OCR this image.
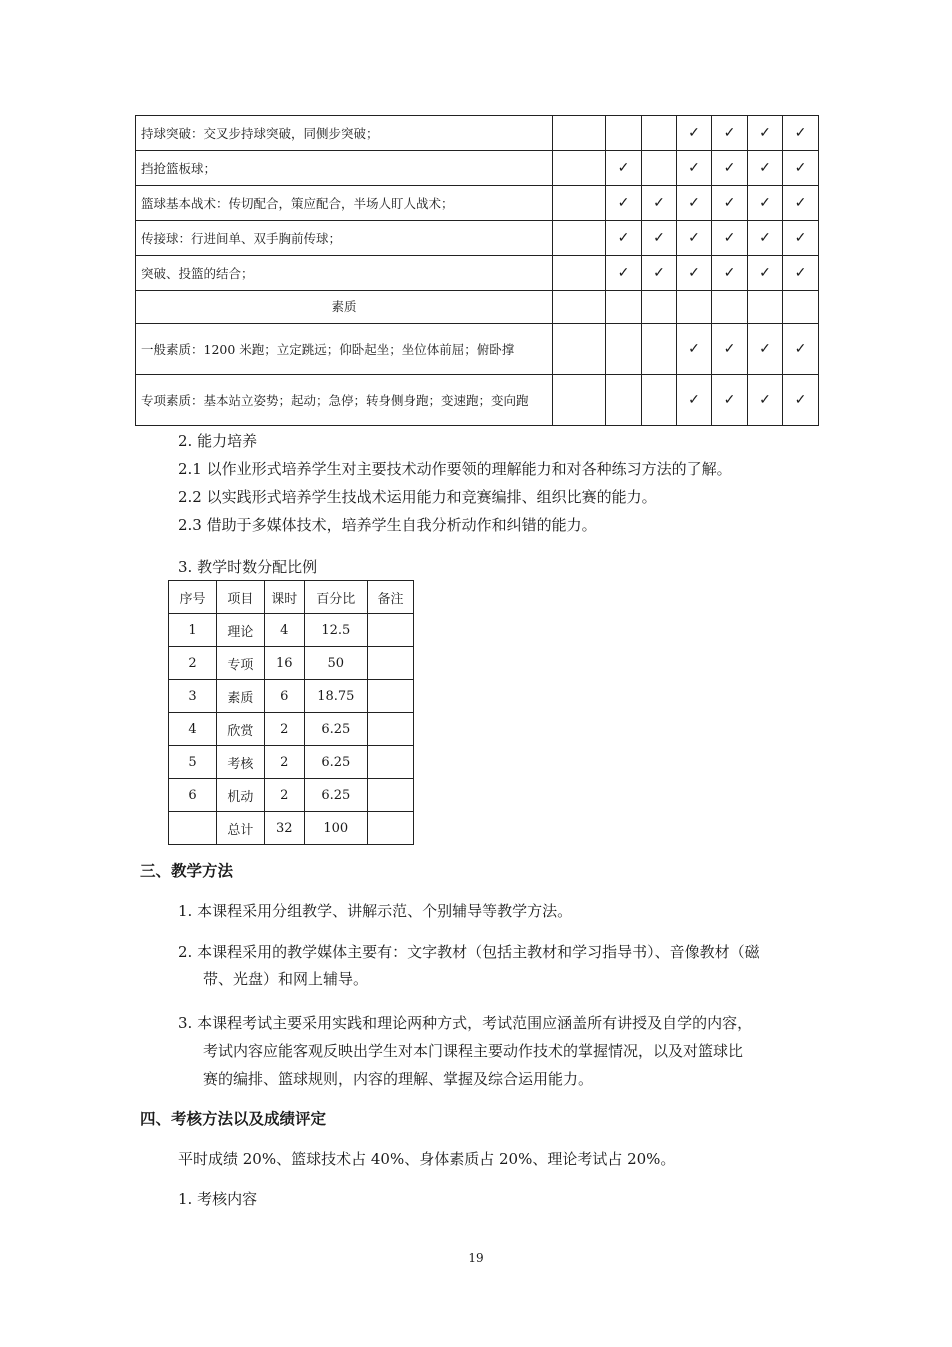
持球突破：交叉步持球突破，同侧步突破；				✓	✓	✓	✓
挡抢篮板球；		✓		✓	✓	✓	✓
篮球基本战术：传切配合，策应配合，半场人盯人战术；		✓	✓	✓	✓	✓	✓
传接球：行进间单、双手胸前传球；		✓	✓	✓	✓	✓	✓
突破、投篮的结合；		✓	✓	✓	✓	✓	✓
素质							
一般素质：1200 米跑；立定跳远；仰卧起坐；坐位体前屈；俯卧撑				✓	✓	✓	✓
专项素质：基本站立姿势；起动；急停；转身侧身跑；变速跑；变向跑				✓	✓	✓	✓
2. 能力培养
2.1 以作业形式培养学生对主要技术动作要领的理解能力和对各种练习方法的了解。
2.2 以实践形式培养学生技战术运用能力和竞赛编排、组织比赛的能力。
2.3 借助于多媒体技术，培养学生自我分析动作和纠错的能力。
3. 教学时数分配比例
序号	项目	课时	百分比	备注
1	理论	4	12.5	
2	专项	16	50	
3	素质	6	18.75	
4	欣赏	2	6.25	
5	考核	2	6.25	
6	机动	2	6.25	
	总计	32	100	
三、教学方法
1. 本课程采用分组教学、讲解示范、个别辅导等教学方法。
2. 本课程采用的教学媒体主要有：文字教材（包括主教材和学习指导书）、音像教材（磁
带、光盘）和网上辅导。
3. 本课程考试主要采用实践和理论两种方式，考试范围应涵盖所有讲授及自学的内容，
考试内容应能客观反映出学生对本门课程主要动作技术的掌握情况，以及对篮球比
赛的编排、篮球规则，内容的理解、掌握及综合运用能力。
四、考核方法以及成绩评定
平时成绩 20%、篮球技术占 40%、身体素质占 20%、理论考试占 20%。
1. 考核内容
19
